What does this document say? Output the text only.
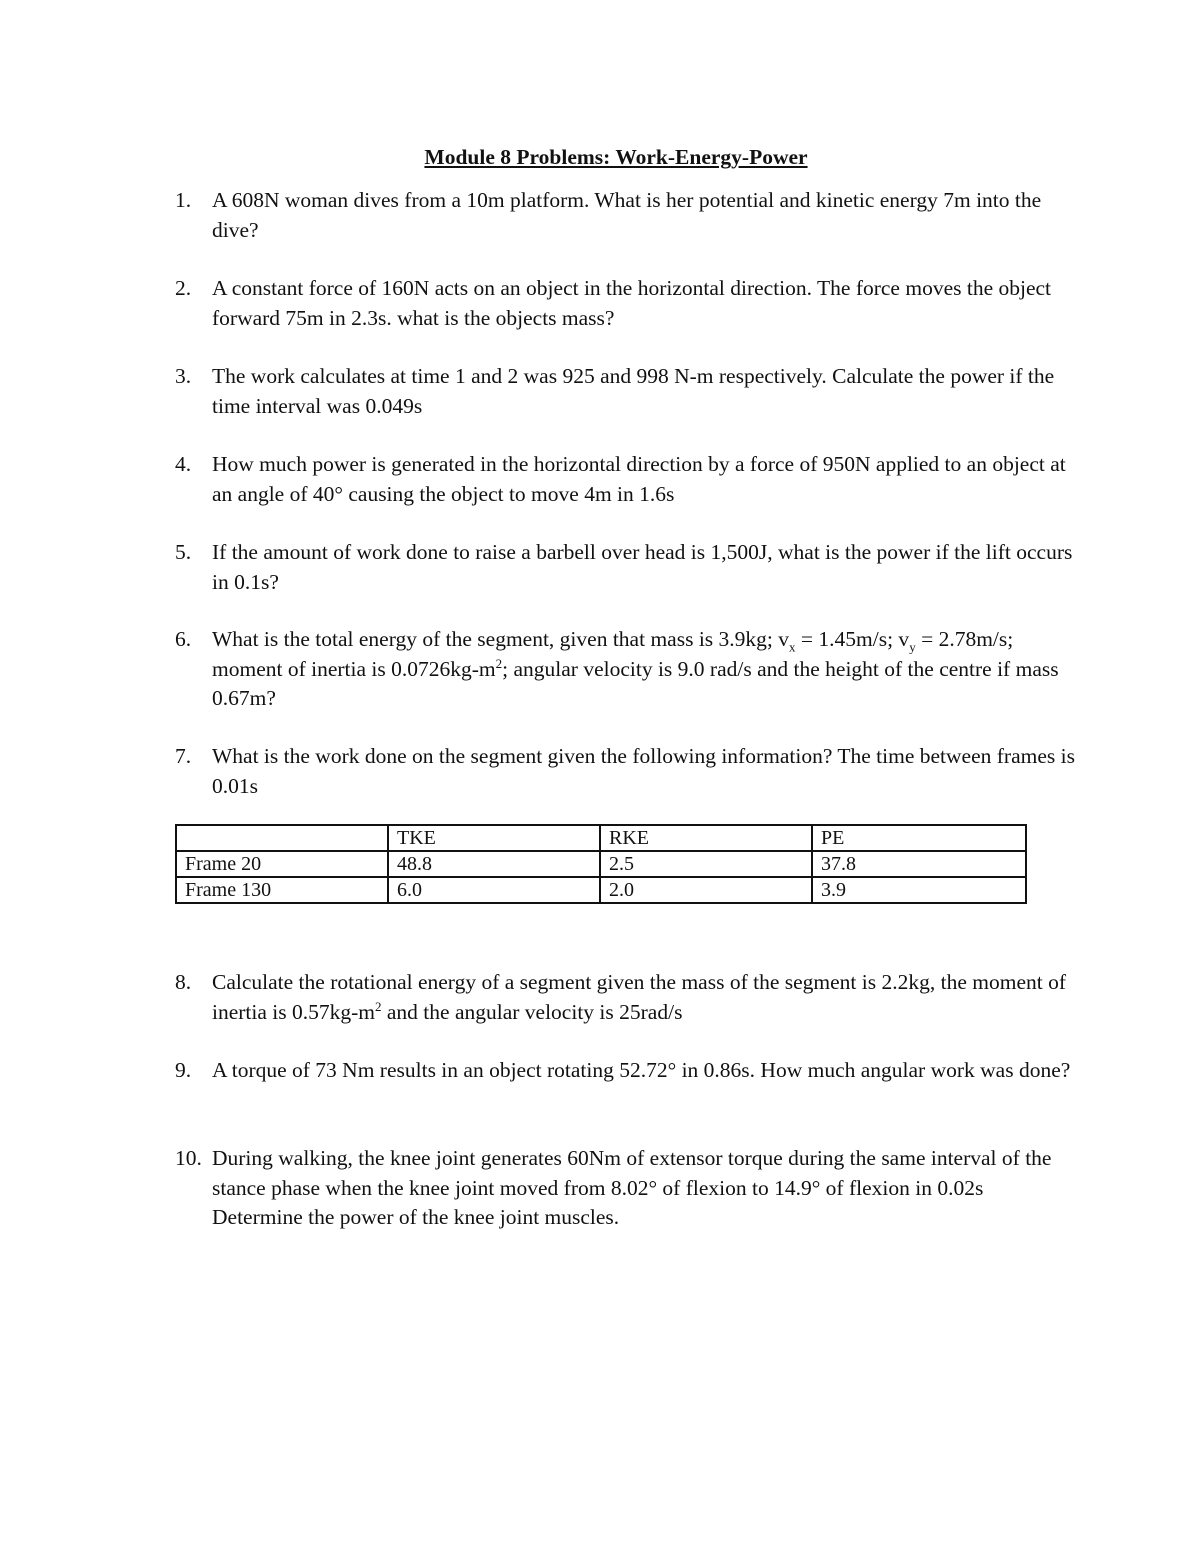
Module 8 Problems: Work-Energy-Power
1. A 608N woman dives from a 10m platform. What is her potential and kinetic energy 7m into the dive?
2. A constant force of 160N acts on an object in the horizontal direction. The force moves the object forward 75m in 2.3s. what is the objects mass?
3. The work calculates at time 1 and 2 was 925 and 998 N-m respectively. Calculate the power if the time interval was 0.049s
4. How much power is generated in the horizontal direction by a force of 950N applied to an object at an angle of 40° causing the object to move 4m in 1.6s
5. If the amount of work done to raise a barbell over head is 1,500J, what is the power if the lift occurs in 0.1s?
6. What is the total energy of the segment, given that mass is 3.9kg; $v_x = 1.45m/s$; $v_y = 2.78m/s$; moment of inertia is $0.0726kg-m^2$; angular velocity is 9.0 rad/s and the height of the centre if mass 0.67m?
7. What is the work done on the segment given the following information? The time between frames is 0.01s
	TKE	RKE	PE
Frame 20	48.8	2.5	37.8
Frame 130	6.0	2.0	3.9
8. Calculate the rotational energy of a segment given the mass of the segment is 2.2kg, the moment of inertia is $0.57kg-m^2$ and the angular velocity is 25rad/s
9. A torque of 73 Nm results in an object rotating 52.72° in 0.86s. How much angular work was done?
10. During walking, the knee joint generates 60Nm of extensor torque during the same interval of the stance phase when the knee joint moved from 8.02° of flexion to 14.9° of flexion in 0.02s Determine the power of the knee joint muscles.
